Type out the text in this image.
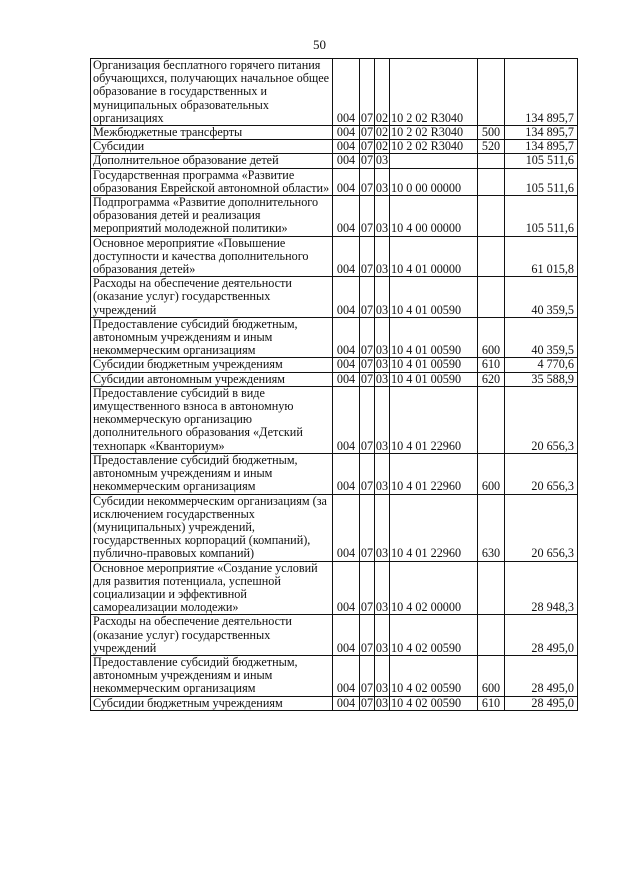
50
Организация бесплатного горячего питания обучающихся, получающих начальное общее образование в государственных и муниципальных образовательных организациях	004	07	02	10 2 02 R3040		134 895,7
Межбюджетные трансферты	004	07	02	10 2 02 R3040	500	134 895,7
Субсидии	004	07	02	10 2 02 R3040	520	134 895,7
Дополнительное образование детей	004	07	03			105 511,6
Государственная программа «Развитие образования Еврейской автономной области»	004	07	03	10 0 00 00000		105 511,6
Подпрограмма «Развитие дополнительного образования детей и реализация мероприятий молодежной политики»	004	07	03	10 4 00 00000		105 511,6
Основное мероприятие «Повышение доступности и качества дополнительного образования детей»	004	07	03	10 4 01 00000		61 015,8
Расходы на обеспечение деятельности (оказание услуг) государственных учреждений	004	07	03	10 4 01 00590		40 359,5
Предоставление субсидий бюджетным, автономным учреждениям и иным некоммерческим организациям	004	07	03	10 4 01 00590	600	40 359,5
Субсидии бюджетным учреждениям	004	07	03	10 4 01 00590	610	4 770,6
Субсидии автономным учреждениям	004	07	03	10 4 01 00590	620	35 588,9
Предоставление субсидий в виде имущественного взноса в автономную некоммерческую организацию дополнительного образования «Детский технопарк «Кванториум»	004	07	03	10 4 01 22960		20 656,3
Предоставление субсидий бюджетным, автономным учреждениям и иным некоммерческим организациям	004	07	03	10 4 01 22960	600	20 656,3
Субсидии некоммерческим организациям (за исключением государственных (муниципальных) учреждений, государственных корпораций (компаний), публично-правовых компаний)	004	07	03	10 4 01 22960	630	20 656,3
Основное мероприятие «Создание условий для развития потенциала, успешной социализации и эффективной самореализации молодежи»	004	07	03	10 4 02 00000		28 948,3
Расходы на обеспечение деятельности (оказание услуг) государственных учреждений	004	07	03	10 4 02 00590		28 495,0
Предоставление субсидий бюджетным, автономным учреждениям и иным некоммерческим организациям	004	07	03	10 4 02 00590	600	28 495,0
Субсидии бюджетным учреждениям	004	07	03	10 4 02 00590	610	28 495,0
